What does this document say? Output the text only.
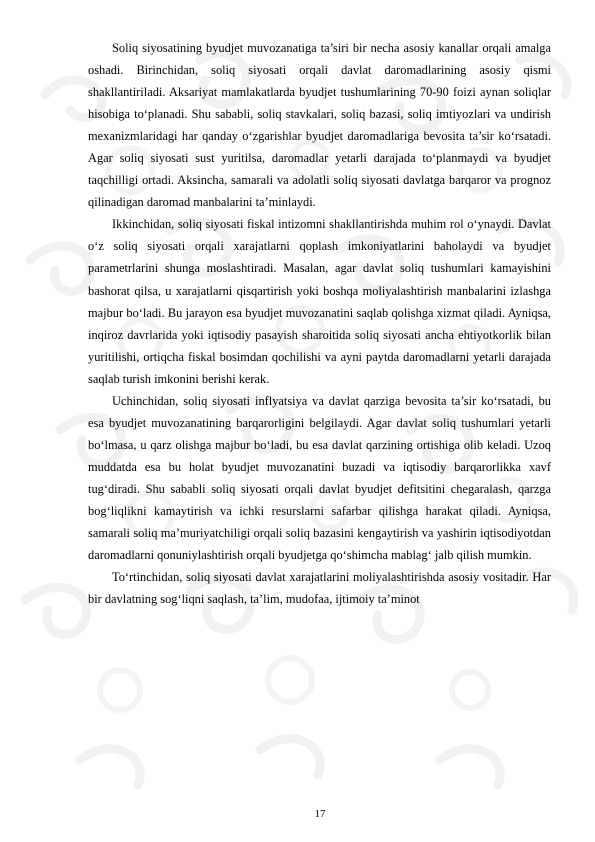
Soliq siyosatining byudjet muvozanatiga ta’siri bir necha asosiy kanallar orqali amalga oshadi. Birinchidan, soliq siyosati orqali davlat daromadlarining asosiy qismi shakllantiriladi. Aksariyat mamlakatlarda byudjet tushumlarining 70-90 foizi aynan soliqlar hisobiga to‘planadi. Shu sababli, soliq stavkalari, soliq bazasi, soliq imtiyozlari va undirish mexanizmlaridagi har qanday o‘zgarishlar byudjet daromadlariga bevosita ta’sir ko‘rsatadi. Agar soliq siyosati sust yuritilsa, daromadlar yetarli darajada to‘planmaydi va byudjet taqchilligi ortadi. Aksincha, samarali va adolatli soliq siyosati davlatga barqaror va prognoz qilinadigan daromad manbalarini ta’minlaydi.

Ikkinchidan, soliq siyosati fiskal intizomni shakllantirishda muhim rol o‘ynaydi. Davlat o‘z soliq siyosati orqali xarajatlarni qoplash imkoniyatlarini baholaydi va byudjet parametrlarini shunga moslashtiradi. Masalan, agar davlat soliq tushumlari kamayishini bashorat qilsa, u xarajatlarni qisqartirish yoki boshqa moliyalashtirish manbalarini izlashga majbur bo‘ladi. Bu jarayon esa byudjet muvozanatini saqlab qolishga xizmat qiladi. Ayniqsa, inqiroz davrlarida yoki iqtisodiy pasayish sharoitida soliq siyosati ancha ehtiyotkorlik bilan yuritilishi, ortiqcha fiskal bosimdan qochilishi va ayni paytda daromadlarni yetarli darajada saqlab turish imkonini berishi kerak.

Uchinchidan, soliq siyosati inflyatsiya va davlat qarziga bevosita ta’sir ko‘rsatadi, bu esa byudjet muvozanatining barqarorligini belgilaydi. Agar davlat soliq tushumlari yetarli bo‘lmasa, u qarz olishga majbur bo‘ladi, bu esa davlat qarzining ortishiga olib keladi. Uzoq muddatda esa bu holat byudjet muvozanatini buzadi va iqtisodiy barqarorlikka xavf tug‘diradi. Shu sababli soliq siyosati orqali davlat byudjet defitsitini chegaralash, qarzga bog‘liqlikni kamaytirish va ichki resurslarni safarbar qilishga harakat qiladi. Ayniqsa, samarali soliq ma’muriyatchiligi orqali soliq bazasini kengaytirish va yashirin iqtisodiyotdan daromadlarni qonuniylashtirish orqali byudjetga qo‘shimcha mablag‘ jalb qilish mumkin.

To‘rtinchidan, soliq siyosati davlat xarajatlarini moliyalashtirishda asosiy vositadir. Har bir davlatning sog‘liqni saqlash, ta’lim, mudofaa, ijtimoiy ta’minot

17
